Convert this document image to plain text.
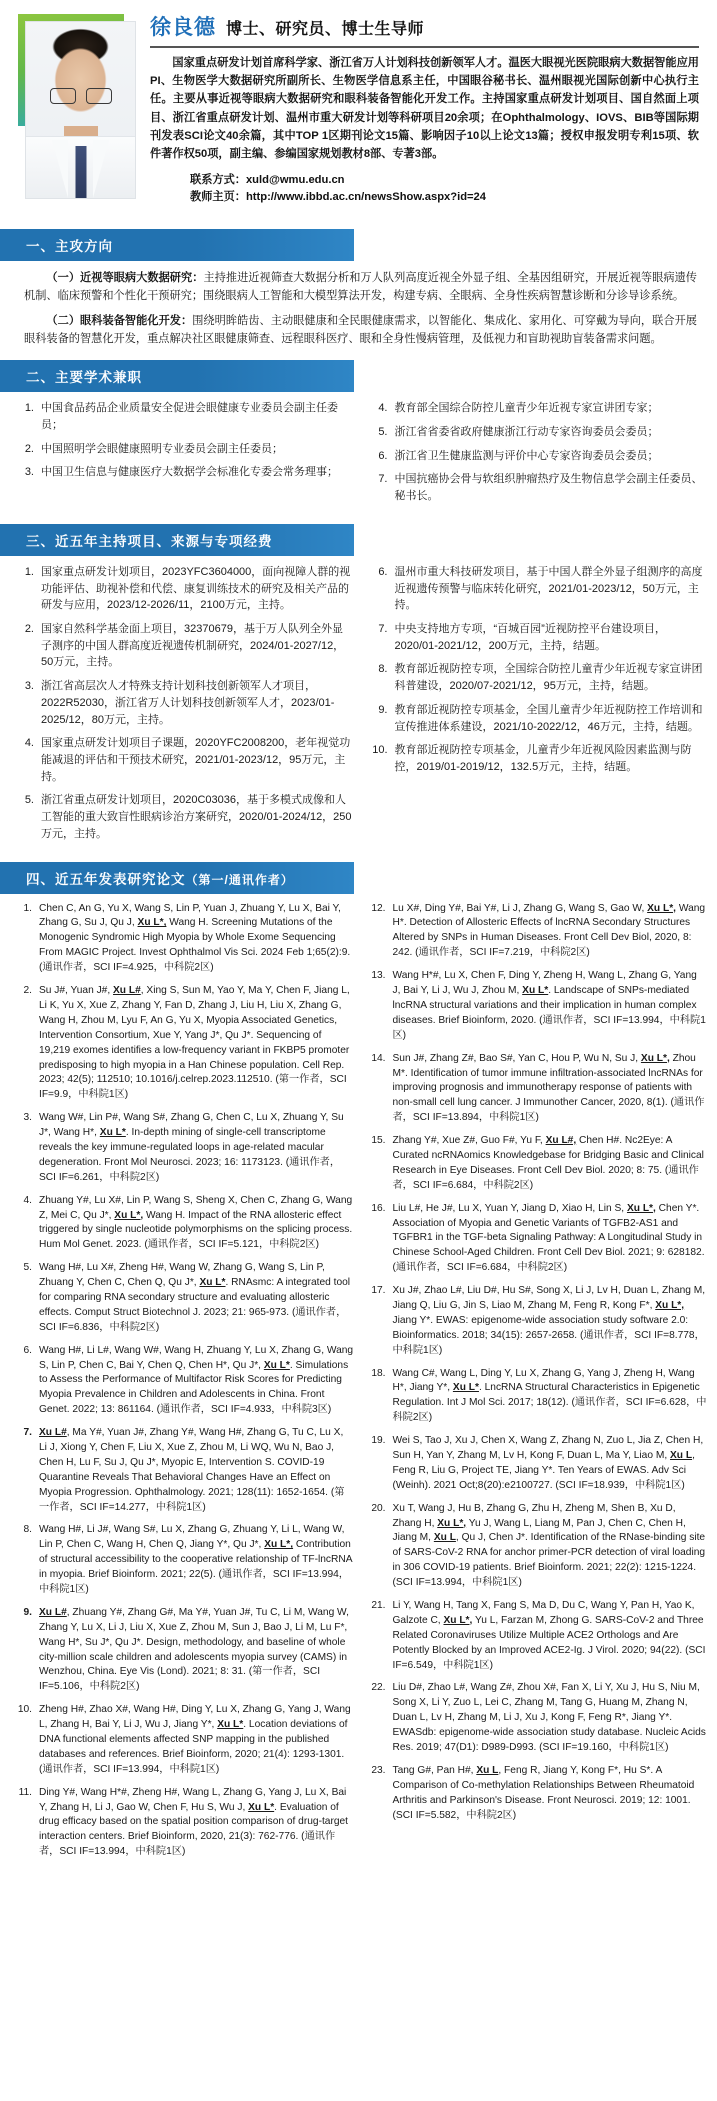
徐良德 博士、研究员、博士生导师
国家重点研发计划首席科学家、浙江省万人计划科技创新领军人才。温医大眼视光医院眼病大数据智能应用PI、生物医学大数据研究所副所长、生物医学信息系主任，中国眼谷秘书长、温州眼视光国际创新中心执行主任。主要从事近视等眼病大数据研究和眼科装备智能化开发工作。主持国家重点研发计划项目、国自然面上项目、浙江省重点研发计划、温州市重大研发计划等科研项目20余项；在Ophthalmology、IOVS、BIB等国际期刊发表SCI论文40余篇，其中TOP 1区期刊论文15篇、影响因子10以上论文13篇；授权申报发明专利15项、软件著作权50项，副主编、参编国家规划教材8部、专著3部。
联系方式：xuld@wmu.edu.cn
教师主页：http://www.ibbd.ac.cn/newsShow.aspx?id=24
一、主攻方向
（一）近视等眼病大数据研究：主持推进近视筛查大数据分析和万人队列高度近视全外显子组、全基因组研究，开展近视等眼病遗传机制、临床预警和个性化干预研究；围绕眼病人工智能和大模型算法开发，构建专病、全眼病、全身性疾病智慧诊断和分诊导诊系统。
（二）眼科装备智能化开发：围绕明眸皓齿、主动眼健康和全民眼健康需求，以智能化、集成化、家用化、可穿戴为导向，联合开展眼科装备的智慧化开发，重点解决社区眼健康筛查、远程眼科医疗、眼和全身性慢病管理，及低视力和盲助视助盲装备需求问题。
二、主要学术兼职
1. 中国食品药品企业质量安全促进会眼健康专业委员会副主任委员；
2. 中国照明学会眼健康照明专业委员会副主任委员；
3. 中国卫生信息与健康医疗大数据学会标准化专委会常务理事；
4. 教育部全国综合防控儿童青少年近视专家宣讲团专家；
5. 浙江省省委省政府健康浙江行动专家咨询委员会委员；
6. 浙江省卫生健康监测与评价中心专家咨询委员会委员；
7. 中国抗癌协会骨与软组织肿瘤热疗及生物信息学会副主任委员、秘书长。
三、近五年主持项目、来源与专项经费
1. 国家重点研发计划项目，2023YFC3604000，面向视障人群的视功能评估、助视补偿和代偿、康复训练技术的研究及相关产品的研发与应用，2023/12-2026/11，2100万元，主持。
2. 国家自然科学基金面上项目，32370679，基于万人队列全外显子测序的中国人群高度近视遗传机制研究，2024/01-2027/12，50万元，主持。
3. 浙江省高层次人才特殊支持计划科技创新领军人才项目，2022R52030，浙江省万人计划科技创新领军人才，2023/01-2025/12，80万元，主持。
4. 国家重点研发计划项目子课题，2020YFC2008200，老年视觉功能减退的评估和干预技术研究，2021/01-2023/12，95万元，主持。
5. 浙江省重点研发计划项目，2020C03036，基于多模式成像和人工智能的重大致盲性眼病诊治方案研究，2020/01-2024/12，250万元，主持。
6. 温州市重大科技研发项目，基于中国人群全外显子组测序的高度近视遗传预警与临床转化研究，2021/01-2023/12，50万元，主持。
7. 中央支持地方专项，“百城百园”近视防控平台建设项目，2020/01-2021/12，200万元，主持，结题。
8. 教育部近视防控专项，全国综合防控儿童青少年近视专家宣讲团科普建设，2020/07-2021/12，95万元，主持，结题。
9. 教育部近视防控专项基金，全国儿童青少年近视防控工作培训和宣传推进体系建设，2021/10-2022/12，46万元，主持，结题。
10. 教育部近视防控专项基金，儿童青少年近视风险因素监测与防控，2019/01-2019/12，132.5万元，主持，结题。
四、近五年发表研究论文（第一/通讯作者）
1. Chen C, An G, Yu X, Wang S, Lin P, Yuan J, Zhuang Y, Lu X, Bai Y, Zhang G, Su J, Qu J, Xu L*, Wang H. Screening Mutations of the Monogenic Syndromic High Myopia by Whole Exome Sequencing From MAGIC Project. Invest Ophthalmol Vis Sci. 2024 Feb 1;65(2):9. (通讯作者，SCI IF=4.925，中科院2区)
2. Su J#, Yuan J#, Xu L#, Xing S, Sun M, Yao Y, Ma Y, Chen F, Jiang L, Li K, Yu X, Xue Z, Zhang Y, Fan D, Zhang J, Liu H, Liu X, Zhang G, Wang H, Zhou M, Lyu F, An G, Yu X, Myopia Associated Genetics, Intervention Consortium, Xue Y, Yang J*, Qu J*. Sequencing of 19,219 exomes identifies a low-frequency variant in FKBP5 promoter predisposing to high myopia in a Han Chinese population. Cell Rep. 2023; 42(5); 112510; 10.1016/j.celrep.2023.112510. (第一作者，SCI IF=9.9，中科院1区)
3. Wang W#, Lin P#, Wang S#, Zhang G, Chen C, Lu X, Zhuang Y, Su J*, Wang H*, Xu L*. In-depth mining of single-cell transcriptome reveals the key immune-regulated loops in age-related macular degeneration. Front Mol Neurosci. 2023; 16: 1173123. (通讯作者，SCI IF=6.261，中科院2区)
4. Zhuang Y#, Lu X#, Lin P, Wang S, Sheng X, Chen C, Zhang G, Wang Z, Mei C, Qu J*, Xu L*, Wang H. Impact of the RNA allosteric effect triggered by single nucleotide polymorphisms on the splicing process. Hum Mol Genet. 2023. (通讯作者，SCI IF=5.121，中科院2区)
5. Wang H#, Lu X#, Zheng H#, Wang W, Zhang G, Wang S, Lin P, Zhuang Y, Chen C, Chen Q, Qu J*, Xu L*. RNAsmc: A integrated tool for comparing RNA secondary structure and evaluating allosteric effects. Comput Struct Biotechnol J. 2023; 21: 965-973. (通讯作者，SCI IF=6.836，中科院2区)
6. Wang H#, Li L#, Wang W#, Wang H, Zhuang Y, Lu X, Zhang G, Wang S, Lin P, Chen C, Bai Y, Chen Q, Chen H*, Qu J*, Xu L*. Simulations to Assess the Performance of Multifactor Risk Scores for Predicting Myopia Prevalence in Children and Adolescents in China. Front Genet. 2022; 13: 861164. (通讯作者，SCI IF=4.933，中科院3区)
7. Xu L#, Ma Y#, Yuan J#, Zhang Y#, Wang H#, Zhang G, Tu C, Lu X, Li J, Xiong Y, Chen F, Liu X, Xue Z, Zhou M, Li WQ, Wu N, Bao J, Chen H, Lu F, Su J, Qu J*, Myopic E, Intervention S. COVID-19 Quarantine Reveals That Behavioral Changes Have an Effect on Myopia Progression. Ophthalmology. 2021; 128(11): 1652-1654. (第一作者，SCI IF=14.277，中科院1区)
8. Wang H#, Li J#, Wang S#, Lu X, Zhang G, Zhuang Y, Li L, Wang W, Lin P, Chen C, Wang H, Chen Q, Jiang Y*, Qu J*, Xu L*, Contribution of structural accessibility to the cooperative relationship of TF-lncRNA in myopia. Brief Bioinform. 2021; 22(5). (通讯作者，SCI IF=13.994，中科院1区)
9. Xu L#, Zhuang Y#, Zhang G#, Ma Y#, Yuan J#, Tu C, Li M, Wang W, Zhang Y, Lu X, Li J, Liu X, Xue Z, Zhou M, Sun J, Bao J, Li M, Lu F*, Wang H*, Su J*, Qu J*. Design, methodology, and baseline of whole city-million scale children and adolescents myopia survey (CAMS) in Wenzhou, China. Eye Vis (Lond). 2021; 8: 31. (第一作者，SCI IF=5.106，中科院2区)
10. Zheng H#, Zhao X#, Wang H#, Ding Y, Lu X, Zhang G, Yang J, Wang L, Zhang H, Bai Y, Li J, Wu J, Jiang Y*, Xu L*. Location deviations of DNA functional elements affected SNP mapping in the published databases and references. Brief Bioinform, 2020; 21(4): 1293-1301. (通讯作者，SCI IF=13.994，中科院1区)
11. Ding Y#, Wang H*#, Zheng H#, Wang L, Zhang G, Yang J, Lu X, Bai Y, Zhang H, Li J, Gao W, Chen F, Hu S, Wu J, Xu L*. Evaluation of drug efficacy based on the spatial position comparison of drug-target interaction centers. Brief Bioinform, 2020, 21(3): 762-776. (通讯作者，SCI IF=13.994，中科院1区)
12. Lu X#, Ding Y#, Bai Y#, Li J, Zhang G, Wang S, Gao W, Xu L*, Wang H*. Detection of Allosteric Effects of lncRNA Secondary Structures Altered by SNPs in Human Diseases. Front Cell Dev Biol, 2020, 8: 242. (通讯作者，SCI IF=7.219，中科院2区)
13. Wang H*#, Lu X, Chen F, Ding Y, Zheng H, Wang L, Zhang G, Yang J, Bai Y, Li J, Wu J, Zhou M, Xu L*. Landscape of SNPs-mediated lncRNA structural variations and their implication in human complex diseases. Brief Bioinform, 2020. (通讯作者，SCI IF=13.994，中科院1区)
14. Sun J#, Zhang Z#, Bao S#, Yan C, Hou P, Wu N, Su J, Xu L*, Zhou M*. Identification of tumor immune infiltration-associated lncRNAs for improving prognosis and immunotherapy response of patients with non-small cell lung cancer. J Immunother Cancer, 2020, 8(1). (通讯作者，SCI IF=13.894，中科院1区)
15. Zhang Y#, Xue Z#, Guo F#, Yu F, Xu L#, Chen H#. Nc2Eye: A Curated ncRNAomics Knowledgebase for Bridging Basic and Clinical Research in Eye Diseases. Front Cell Dev Biol. 2020; 8: 75. (通讯作者，SCI IF=6.684，中科院2区)
16. Liu L#, He J#, Lu X, Yuan Y, Jiang D, Xiao H, Lin S, Xu L*, Chen Y*. Association of Myopia and Genetic Variants of TGFB2-AS1 and TGFBR1 in the TGF-beta Signaling Pathway: A Longitudinal Study in Chinese School-Aged Children. Front Cell Dev Biol. 2021; 9: 628182. (通讯作者，SCI IF=6.684，中科院2区)
17. Xu J#, Zhao L#, Liu D#, Hu S#, Song X, Li J, Lv H, Duan L, Zhang M, Jiang Q, Liu G, Jin S, Liao M, Zhang M, Feng R, Kong F*, Xu L*, Jiang Y*. EWAS: epigenome-wide association study software 2.0: Bioinformatics. 2018; 34(15): 2657-2658. (通讯作者，SCI IF=8.778，中科院1区)
18. Wang C#, Wang L, Ding Y, Lu X, Zhang G, Yang J, Zheng H, Wang H*, Jiang Y*, Xu L*. LncRNA Structural Characteristics in Epigenetic Regulation. Int J Mol Sci. 2017; 18(12). (通讯作者，SCI IF=6.628，中科院2区)
19. Wei S, Tao J, Xu J, Chen X, Wang Z, Zhang N, Zuo L, Jia Z, Chen H, Sun H, Yan Y, Zhang M, Lv H, Kong F, Duan L, Ma Y, Liao M, Xu L, Feng R, Liu G, Project TE, Jiang Y*. Ten Years of EWAS. Adv Sci (Weinh). 2021 Oct;8(20):e2100727. (SCI IF=18.939，中科院1区)
20. Xu T, Wang J, Hu B, Zhang G, Zhu H, Zheng M, Shen B, Xu D, Zhang H, Xu L*, Yu J, Wang L, Liang M, Pan J, Chen C, Chen H, Jiang M, Xu L, Qu J, Chen J*. Identification of the RNase-binding site of SARS-CoV-2 RNA for anchor primer-PCR detection of viral loading in 306 COVID-19 patients. Brief Bioinform. 2021; 22(2): 1215-1224. (SCI IF=13.994，中科院1区)
21. Li Y, Wang H, Tang X, Fang S, Ma D, Du C, Wang Y, Pan H, Yao K, Galzote C, Xu L*, Yu L, Farzan M, Zhong G. SARS-CoV-2 and Three Related Coronaviruses Utilize Multiple ACE2 Orthologs and Are Potently Blocked by an Improved ACE2-Ig. J Virol. 2020; 94(22). (SCI IF=6.549，中科院1区)
22. Liu D#, Zhao L#, Wang Z#, Zhou X#, Fan X, Li Y, Xu J, Hu S, Niu M, Song X, Li Y, Zuo L, Lei C, Zhang M, Tang G, Huang M, Zhang N, Duan L, Lv H, Zhang M, Li J, Xu J, Kong F, Feng R*, Jiang Y*. EWASdb: epigenome-wide association study database. Nucleic Acids Res. 2019; 47(D1): D989-D993. (SCI IF=19.160，中科院1区)
23. Tang G#, Pan H#, Xu L, Feng R, Jiang Y, Kong F*, Hu S*. A Comparison of Co-methylation Relationships Between Rheumatoid Arthritis and Parkinson's Disease. Front Neurosci. 2019; 12: 1001. (SCI IF=5.582，中科院2区)
